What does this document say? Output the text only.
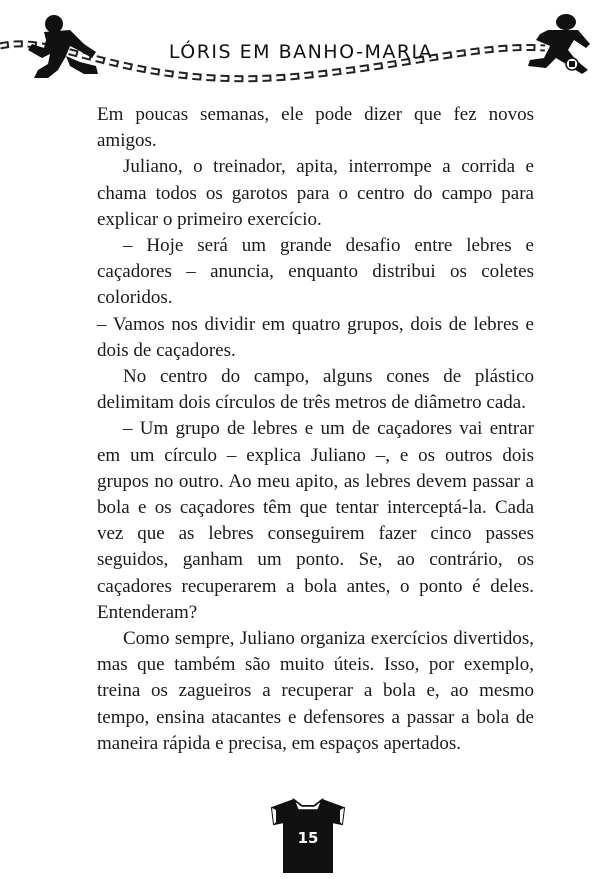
LÓRIS EM BANHO-MARIA

Em poucas semanas, ele pode dizer que fez novos amigos.

Juliano, o treinador, apita, interrompe a corrida e chama todos os garotos para o centro do campo para explicar o primeiro exercício.

– Hoje será um grande desafio entre lebres e caçadores – anuncia, enquanto distribui os coletes coloridos.

– Vamos nos dividir em quatro grupos, dois de lebres e dois de caçadores.

No centro do campo, alguns cones de plástico delimitam dois círculos de três metros de diâmetro cada.

– Um grupo de lebres e um de caçadores vai entrar em um círculo – explica Juliano –, e os outros dois grupos no outro. Ao meu apito, as lebres devem passar a bola e os caçadores têm que tentar interceptá-la. Cada vez que as lebres conseguirem fazer cinco passes seguidos, ganham um ponto. Se, ao contrário, os caçadores recuperarem a bola antes, o ponto é deles. Entenderam?

Como sempre, Juliano organiza exercícios divertidos, mas que também são muito úteis. Isso, por exemplo, treina os zagueiros a recuperar a bola e, ao mesmo tempo, ensina atacantes e defensores a passar a bola de maneira rápida e precisa, em espaços apertados.

15
